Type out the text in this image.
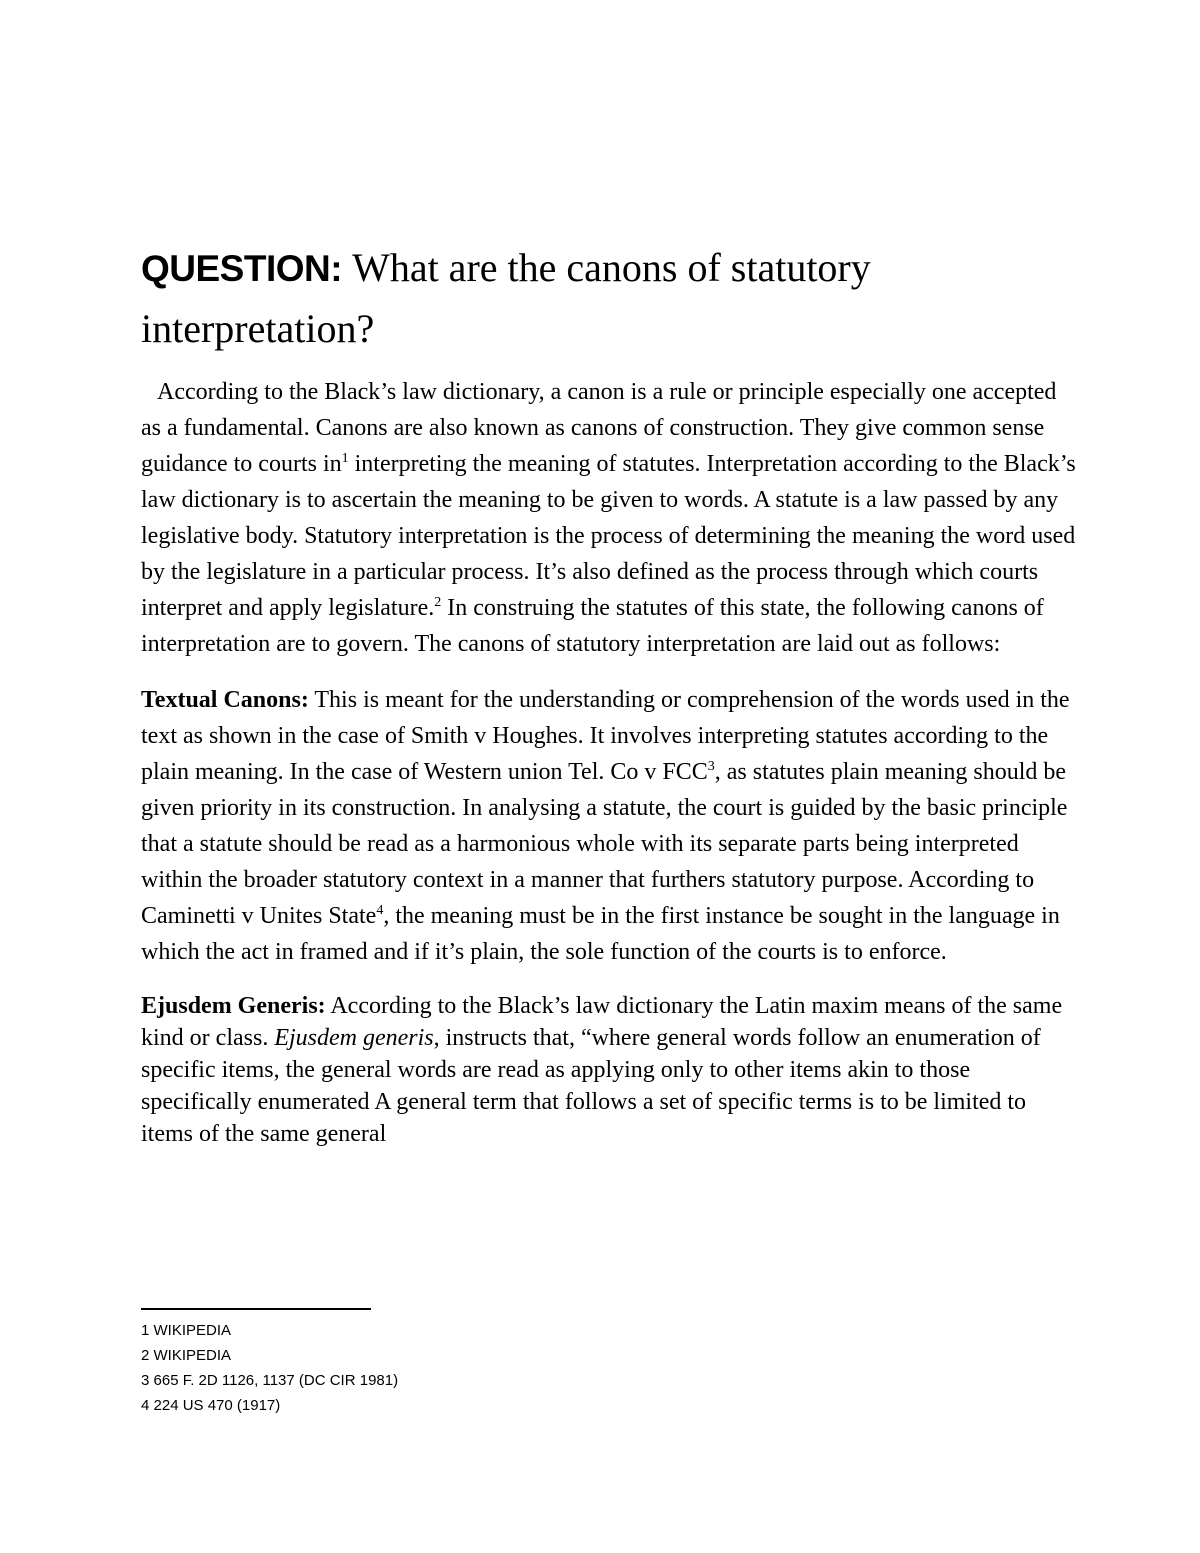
QUESTION: What are the canons of statutory interpretation?

According to the Black’s law dictionary, a canon is a rule or principle especially one accepted as a fundamental. Canons are also known as canons of construction. They give common sense guidance to courts $in^1$ interpreting the meaning of statutes. Interpretation according to the Black’s law dictionary is to ascertain the meaning to be given to words. A statute is a law passed by any legislative body. Statutory interpretation is the process of determining the meaning the word used by the legislature in a particular process. It’s also defined as the process through which courts interpret and apply legislature.$^2$ In construing the statutes of this state, the following canons of interpretation are to govern. The canons of statutory interpretation are laid out as follows:

Textual Canons: This is meant for the understanding or comprehension of the words used in the text as shown in the case of Smith v Houghes. It involves interpreting statutes according to the plain meaning. In the case of Western union Tel. Co v FCC$^3$, as statutes plain meaning should be given priority in its construction. In analysing a statute, the court is guided by the basic principle that a statute should be read as a harmonious whole with its separate parts being interpreted within the broader statutory context in a manner that furthers statutory purpose. According to Caminetti v Unites State$^4$, the meaning must be in the first instance be sought in the language in which the act in framed and if it’s plain, the sole function of the courts is to enforce.

Ejusdem Generis: According to the Black’s law dictionary the Latin maxim means of the same kind or class. Ejusdem generis, instructs that, “where general words follow an enumeration of specific items, the general words are read as applying only to other items akin to those specifically enumerated A general term that follows a set of specific terms is to be limited to items of the same general

1 WIKIPEDIA
2 WIKIPEDIA
3 665 F. 2D 1126, 1137 (DC CIR 1981)
4 224 US 470 (1917)
